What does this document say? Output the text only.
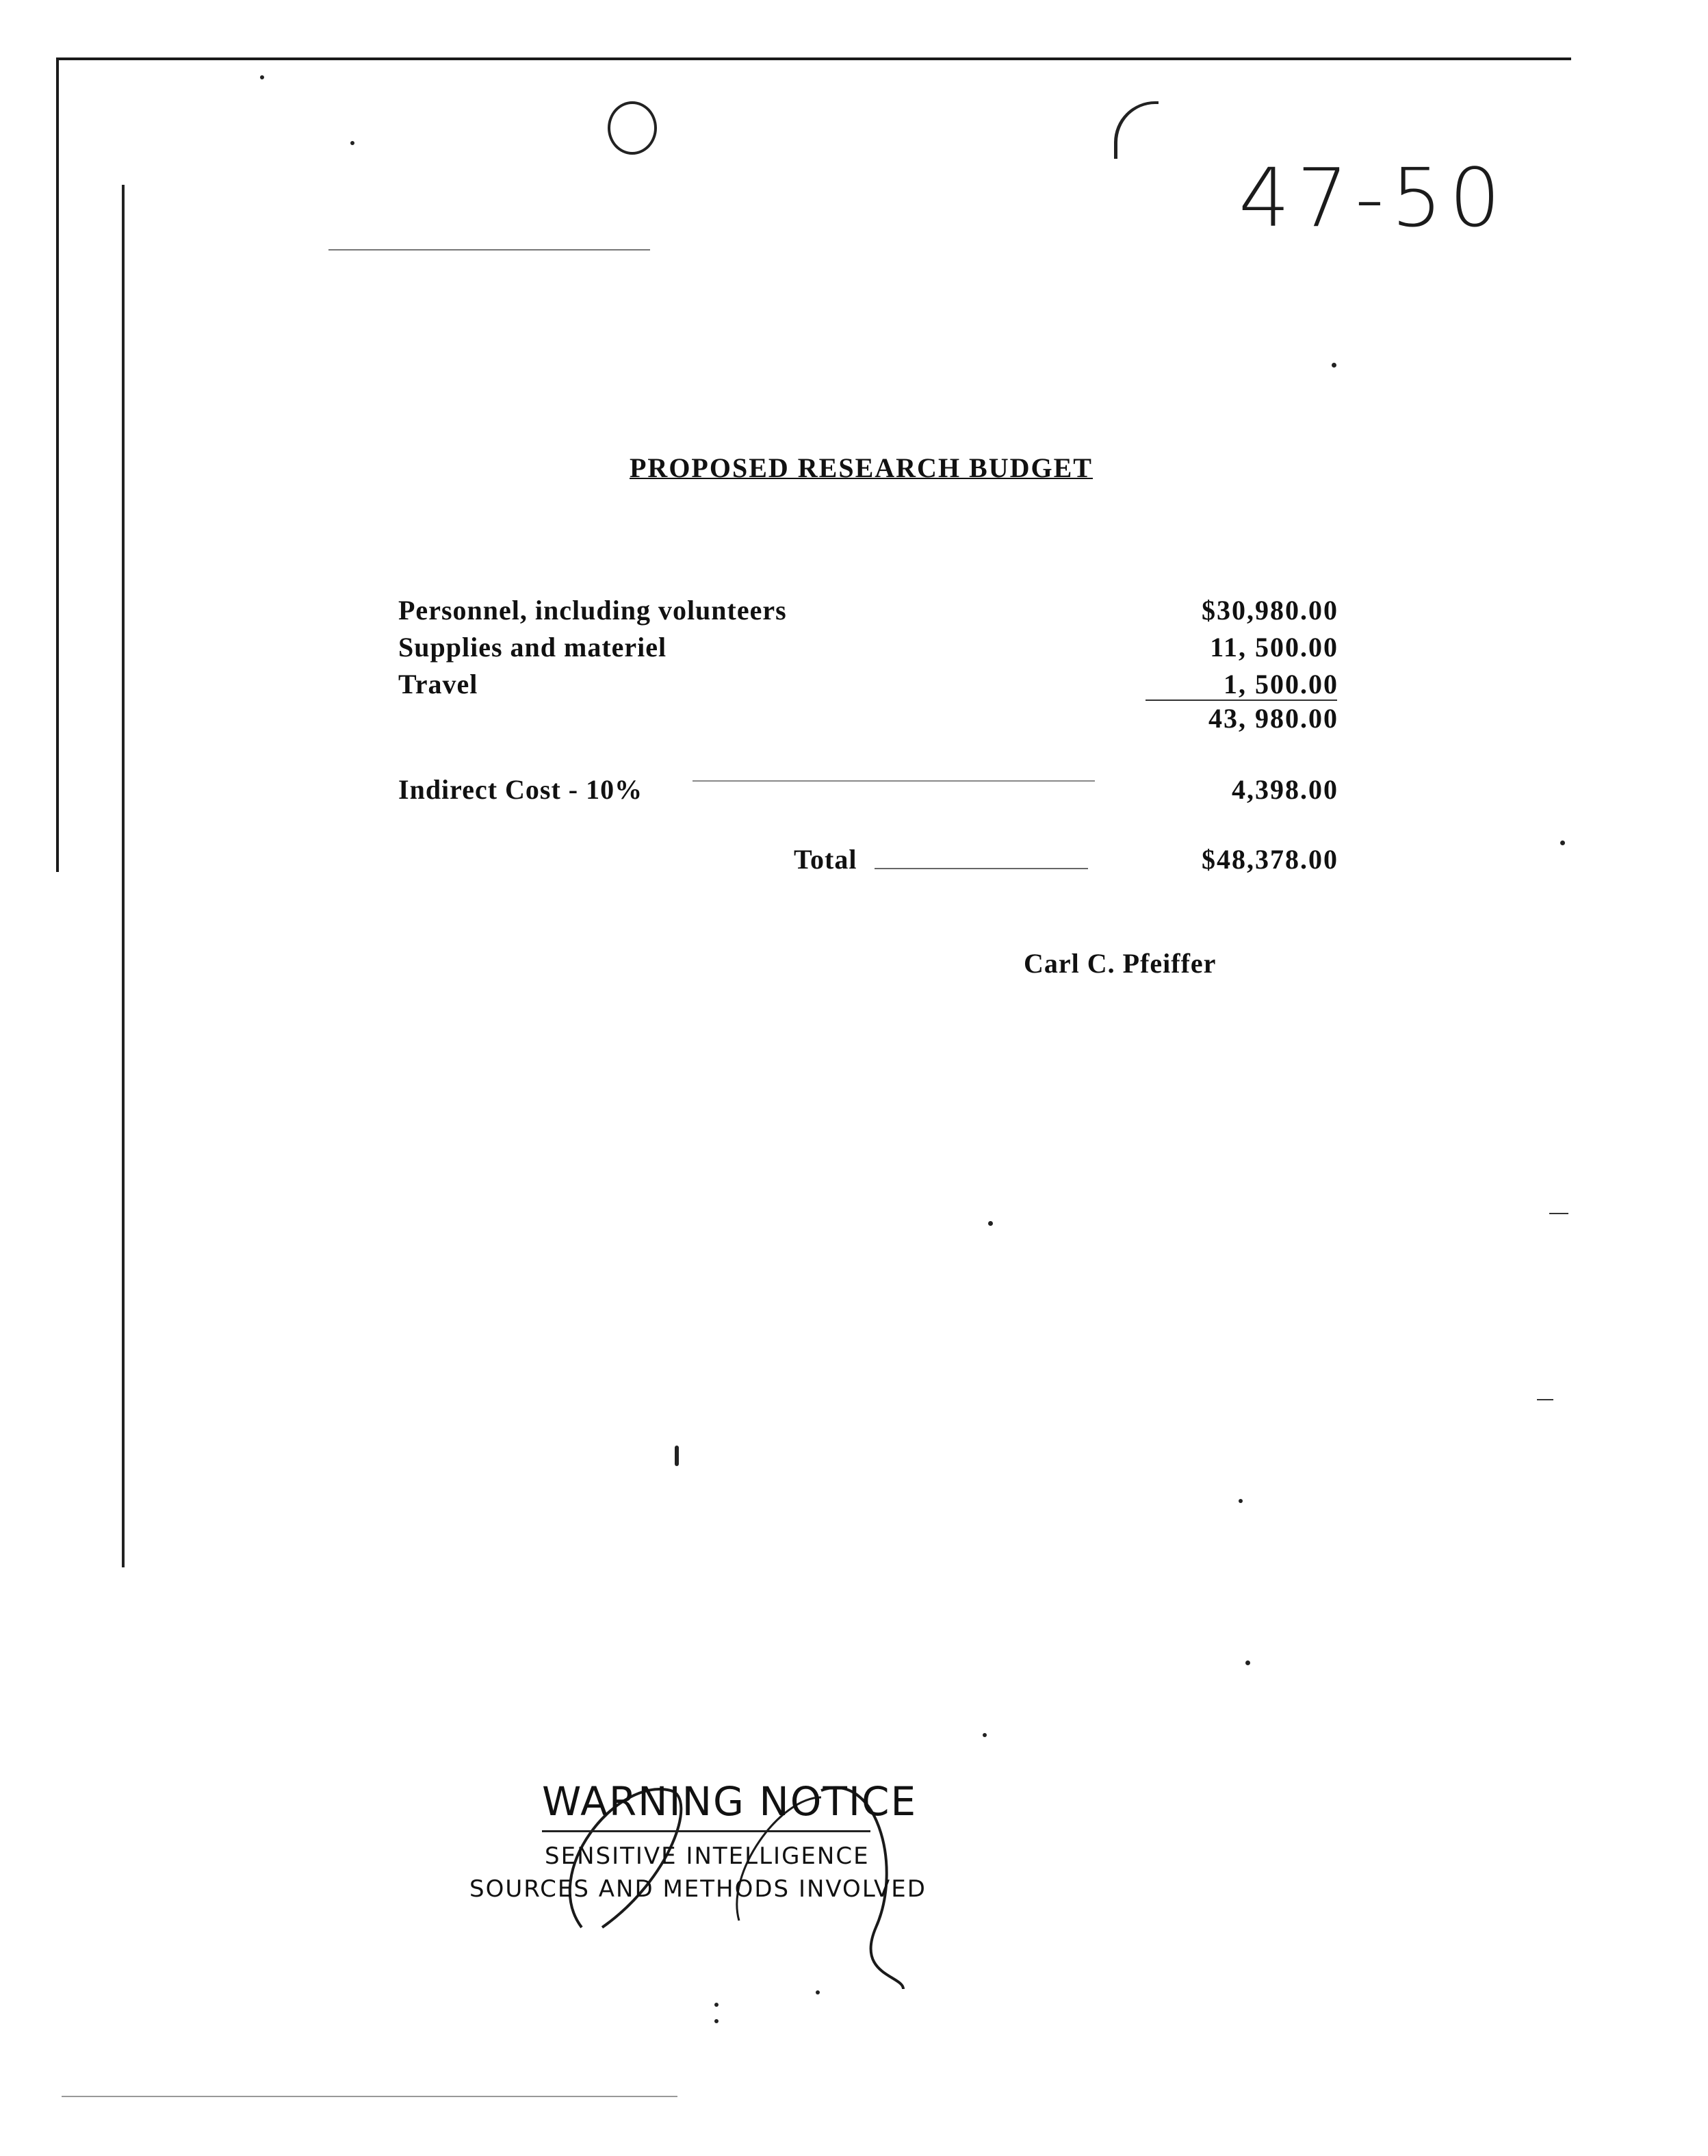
47-50
PROPOSED RESEARCH BUDGET
Personnel, including volunteers	$30,980.00
Supplies and materiel	11, 500.00
Travel	1, 500.00
43, 980.00
Indirect Cost - 10%	4,398.00
Total	$48,378.00
Carl C. Pfeiffer
WARNING NOTICE
SENSITIVE INTELLIGENCE
SOURCES AND METHODS INVOLVED
